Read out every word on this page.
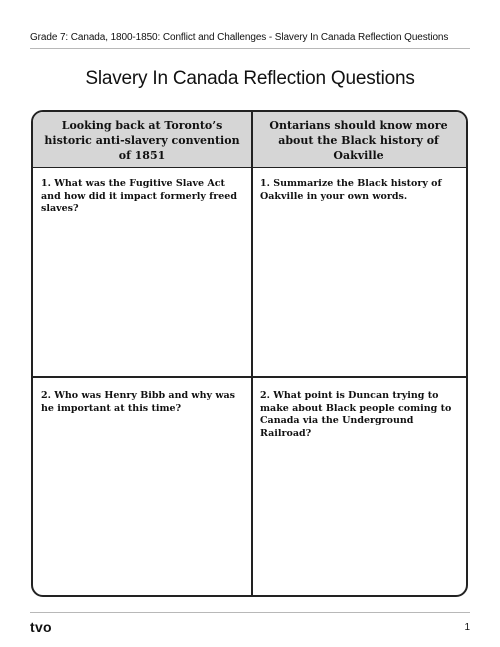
Grade 7: Canada, 1800-1850: Conflict and Challenges - Slavery In Canada Reflection Questions
Slavery In Canada Reflection Questions
Looking back at Toronto’s historic anti-slavery convention of 1851
Ontarians should know more about the Black history of Oakville
1. What was the Fugitive Slave Act and how did it impact formerly freed slaves?
1. Summarize the Black history of Oakville in your own words.
2. Who was Henry Bibb and why was he important at this time?
2. What point is Duncan trying to make about Black people coming to Canada via the Underground Railroad?
tvo	1
